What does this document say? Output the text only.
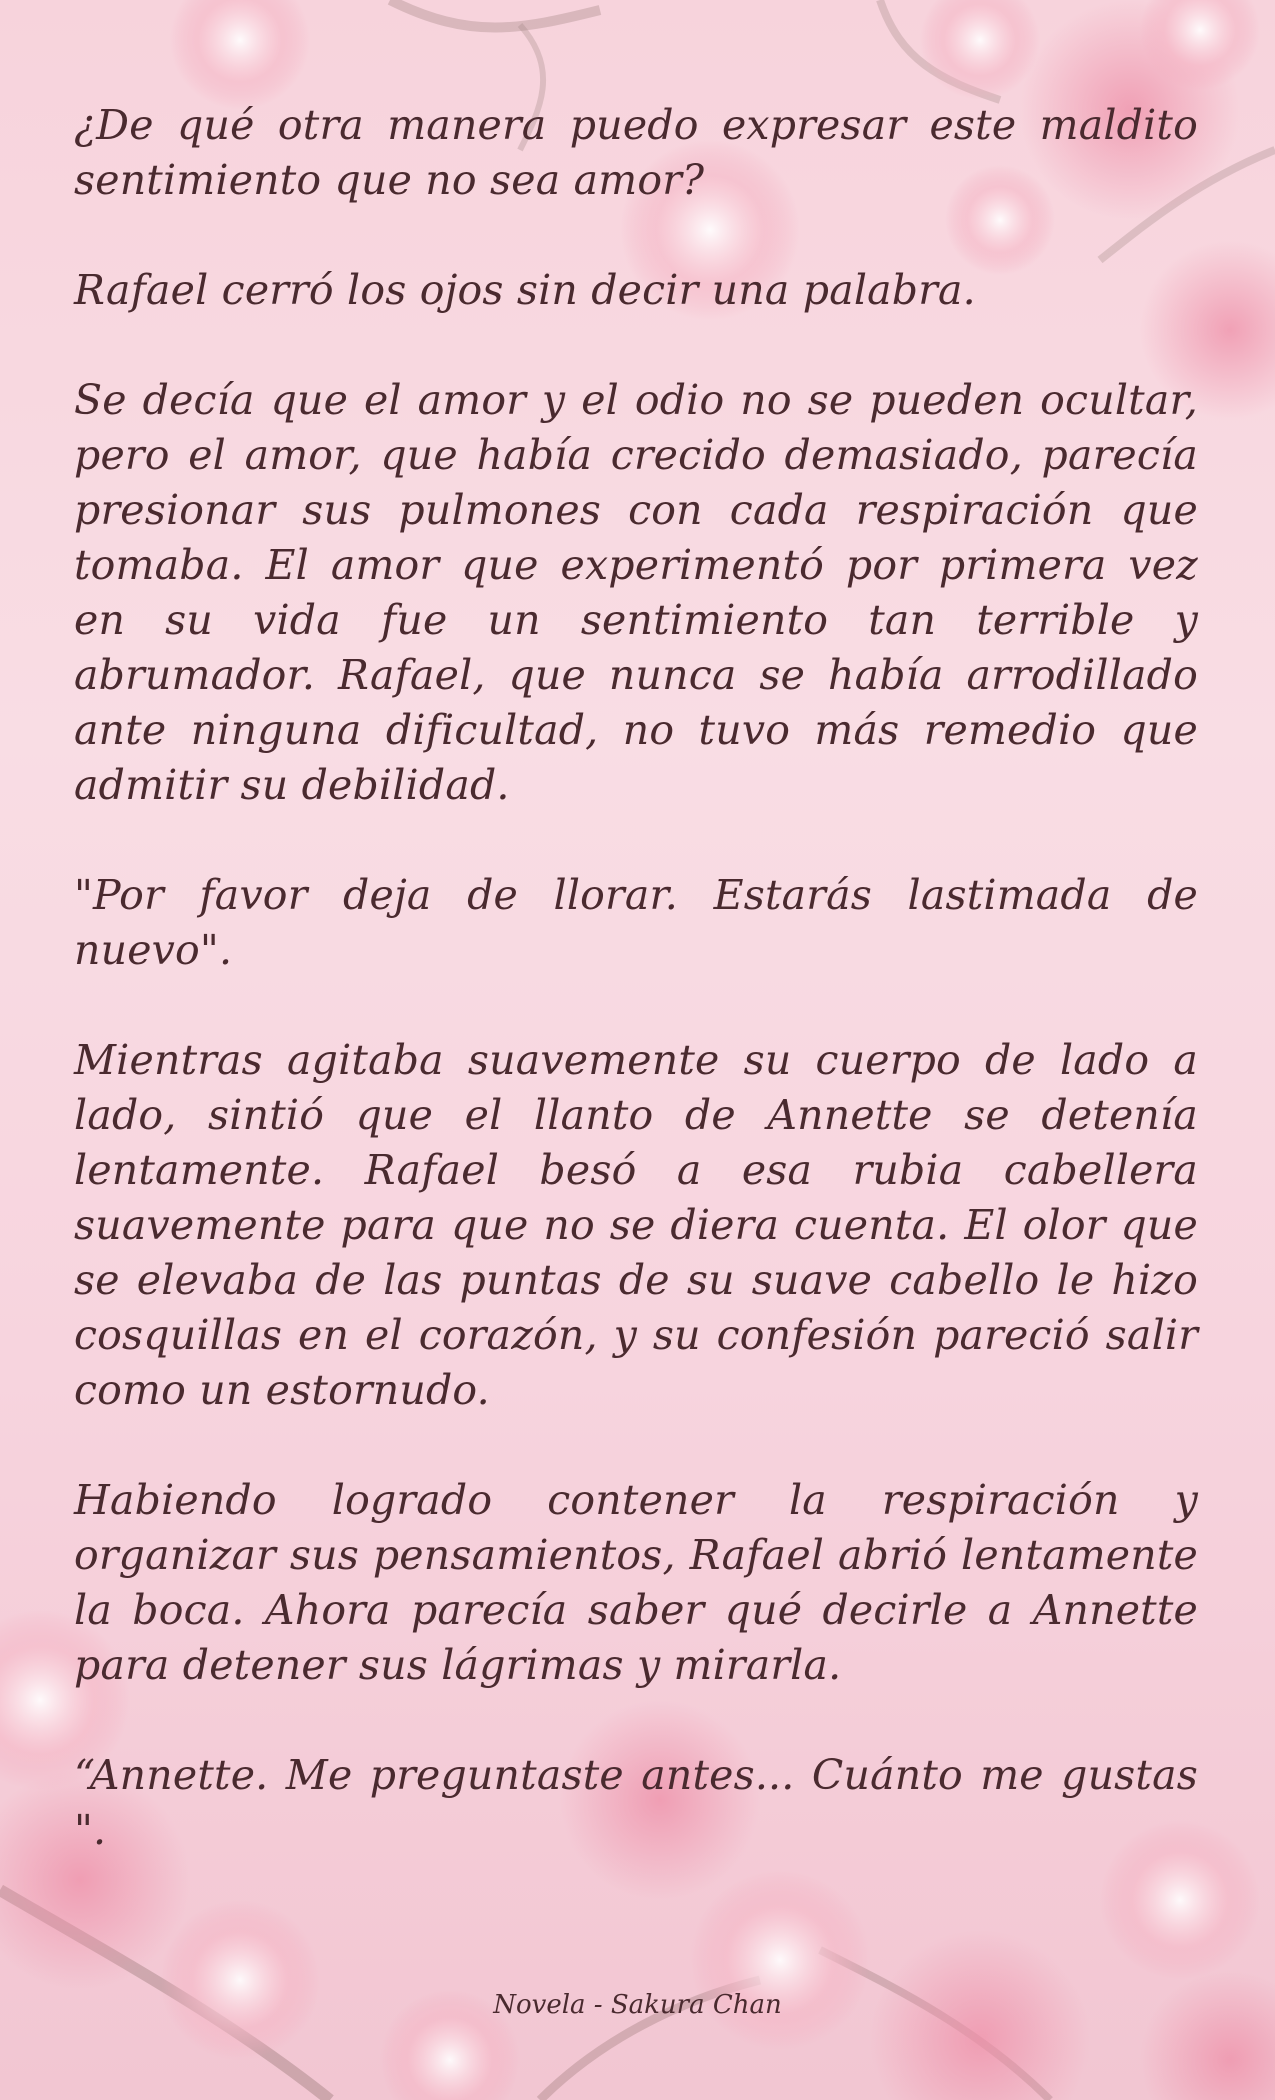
¿De qué otra manera puedo expresar este maldito sentimiento que no sea amor?

Rafael cerró los ojos sin decir una palabra.

Se decía que el amor y el odio no se pueden ocultar, pero el amor, que había crecido demasiado, parecía presionar sus pulmones con cada respiración que tomaba. El amor que experimentó por primera vez en su vida fue un sentimiento tan terrible y abrumador. Rafael, que nunca se había arrodillado ante ninguna dificultad, no tuvo más remedio que admitir su debilidad.

"Por favor deja de llorar. Estarás lastimada de nuevo".

Mientras agitaba suavemente su cuerpo de lado a lado, sintió que el llanto de Annette se detenía lentamente. Rafael besó a esa rubia cabellera suavemente para que no se diera cuenta. El olor que se elevaba de las puntas de su suave cabello le hizo cosquillas en el corazón, y su confesión pareció salir como un estornudo.

Habiendo logrado contener la respiración y organizar sus pensamientos, Rafael abrió lentamente la boca. Ahora parecía saber qué decirle a Annette para detener sus lágrimas y mirarla.

“Annette. Me preguntaste antes... Cuánto me gustas ".

Novela - Sakura Chan
